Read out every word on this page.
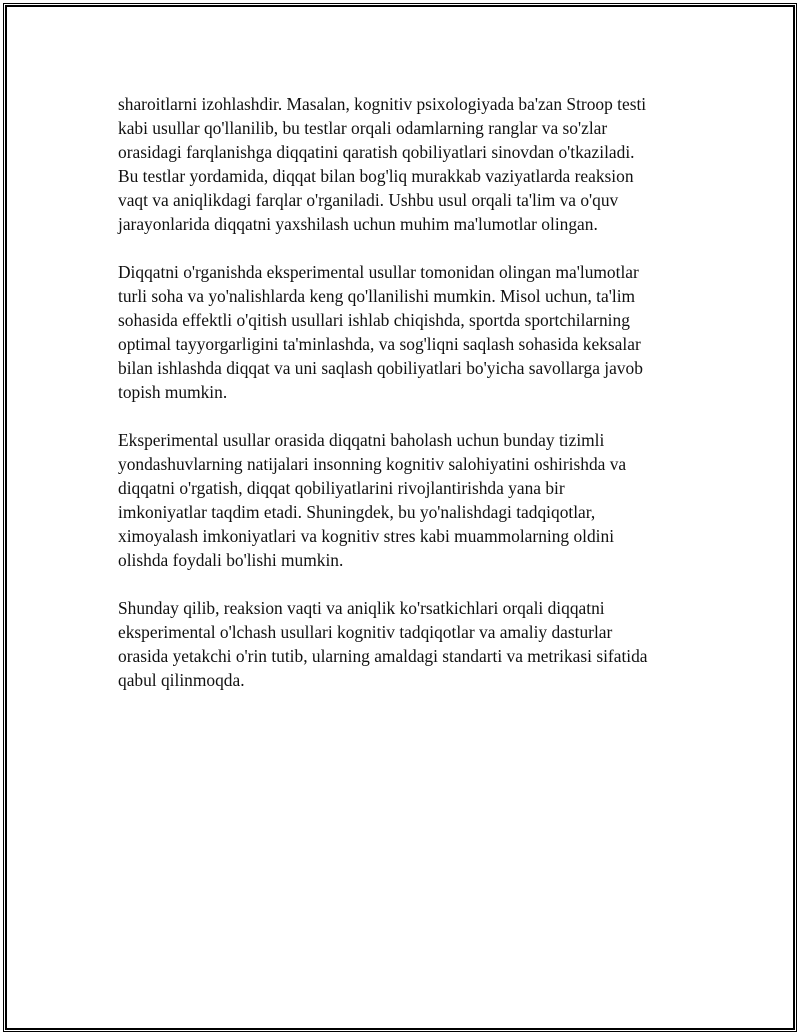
sharoitlarni izohlashdir. Masalan, kognitiv psixologiyada ba'zan Stroop testi
kabi usullar qo'llanilib, bu testlar orqali odamlarning ranglar va so'zlar
orasidagi farqlanishga diqqatini qaratish qobiliyatlari sinovdan o'tkaziladi.
Bu testlar yordamida, diqqat bilan bog'liq murakkab vaziyatlarda reaksion
vaqt va aniqlikdagi farqlar o'rganiladi. Ushbu usul orqali ta'lim va o'quv
jarayonlarida diqqatni yaxshilash uchun muhim ma'lumotlar olingan.

Diqqatni o'rganishda eksperimental usullar tomonidan olingan ma'lumotlar
turli soha va yo'nalishlarda keng qo'llanilishi mumkin. Misol uchun, ta'lim
sohasida effektli o'qitish usullari ishlab chiqishda, sportda sportchilarning
optimal tayyorgarligini ta'minlashda, va sog'liqni saqlash sohasida keksalar
bilan ishlashda diqqat va uni saqlash qobiliyatlari bo'yicha savollarga javob
topish mumkin.

Eksperimental usullar orasida diqqatni baholash uchun bunday tizimli
yondashuvlarning natijalari insonning kognitiv salohiyatini oshirishda va
diqqatni o'rgatish, diqqat qobiliyatlarini rivojlantirishda yana bir
imkoniyatlar taqdim etadi. Shuningdek, bu yo'nalishdagi tadqiqotlar,
ximoyalash imkoniyatlari va kognitiv stres kabi muammolarning oldini
olishda foydali bo'lishi mumkin.

Shunday qilib, reaksion vaqti va aniqlik ko'rsatkichlari orqali diqqatni
eksperimental o'lchash usullari kognitiv tadqiqotlar va amaliy dasturlar
orasida yetakchi o'rin tutib, ularning amaldagi standarti va metrikasi sifatida
qabul qilinmoqda.
